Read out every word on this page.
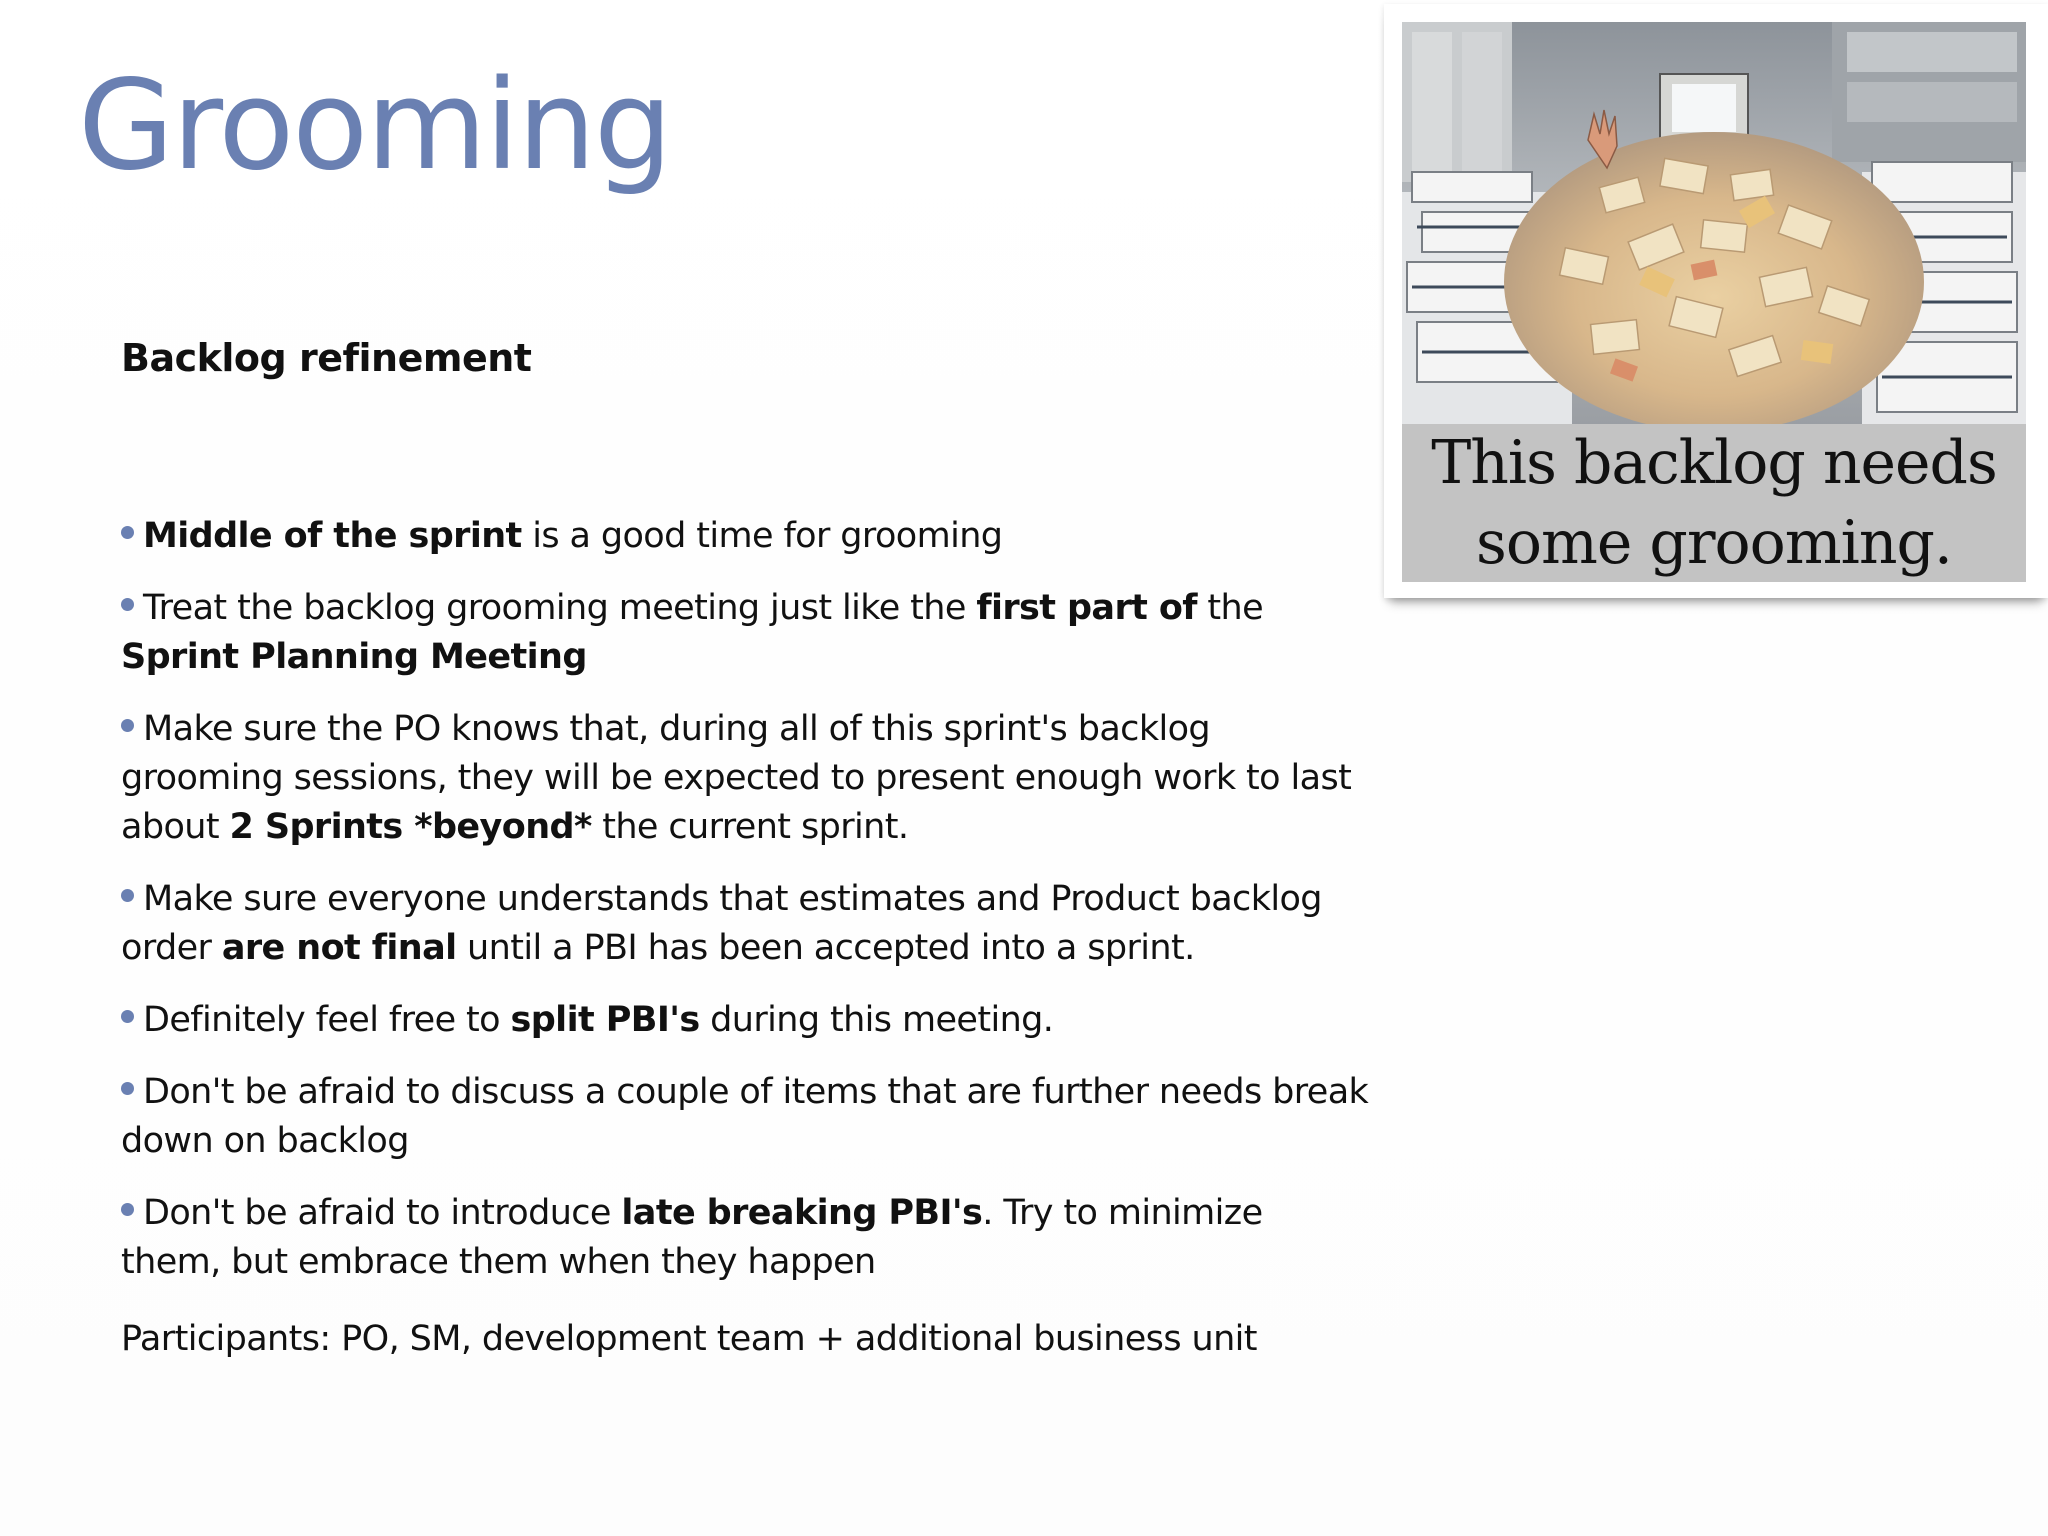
Grooming

Backlog refinement

Middle of the sprint is a good time for grooming
Treat the backlog grooming meeting just like the first part of the Sprint Planning Meeting
Make sure the PO knows that, during all of this sprint's backlog grooming sessions, they will be expected to present enough work to last about 2 Sprints *beyond* the current sprint.
Make sure everyone understands that estimates and Product backlog order are not final until a PBI has been accepted into a sprint.
Definitely feel free to split PBI's during this meeting.
Don't be afraid to discuss a couple of items that are further needs break down on backlog
Don't be afraid to introduce late breaking PBI's. Try to minimize them, but embrace them when they happen

Participants: PO, SM, development team + additional business unit

This backlog needs some grooming.
